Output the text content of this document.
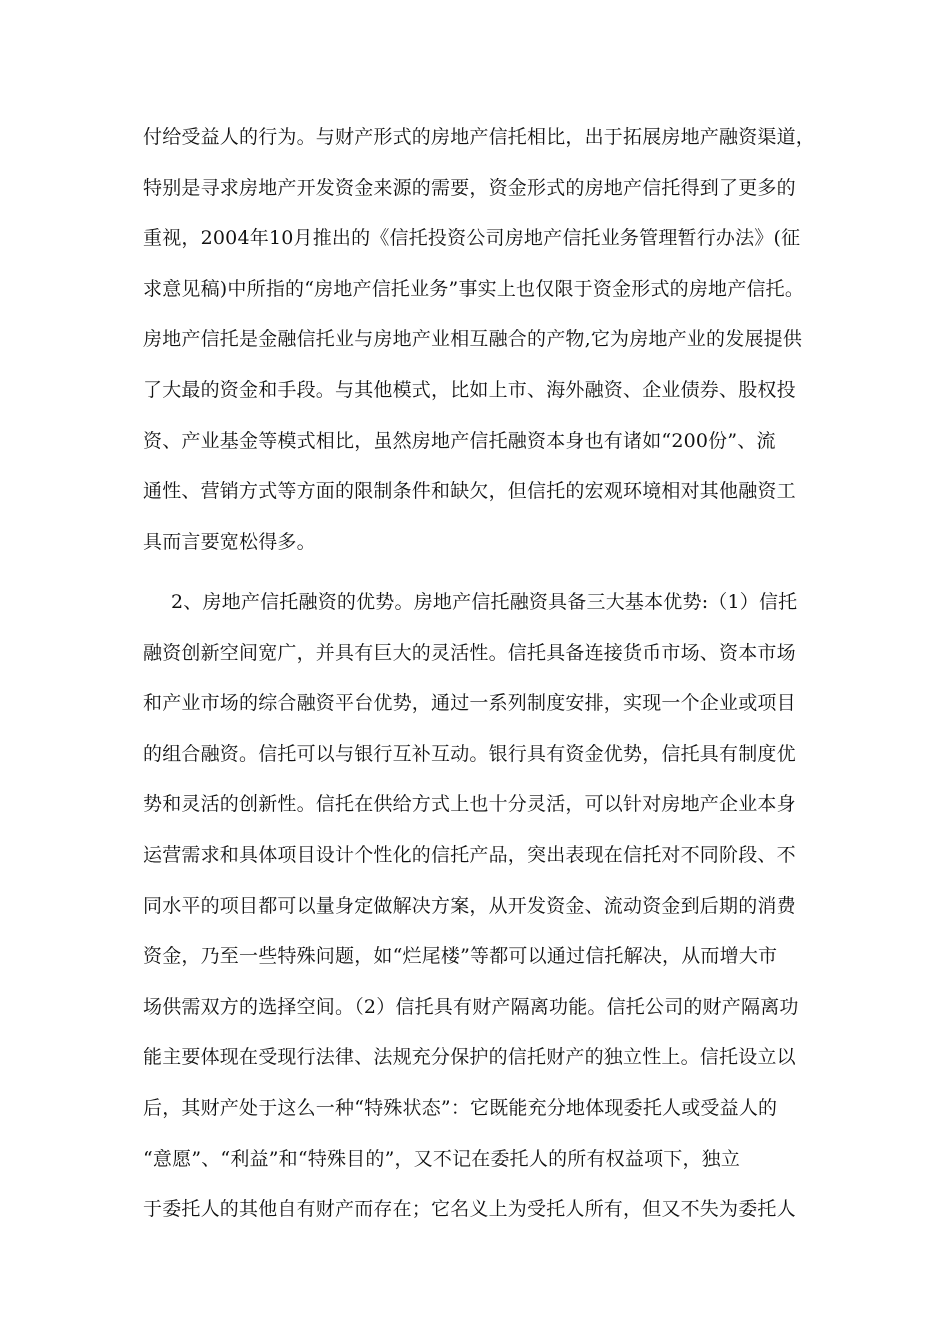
付给受益人的行为。与财产形式的房地产信托相比，出于拓展房地产融资渠道，
特别是寻求房地产开发资金来源的需要，资金形式的房地产信托得到了更多的
重视，2004年10月推出的《信托投资公司房地产信托业务管理暂行办法》(征
求意见稿)中所指的“房地产信托业务”事实上也仅限于资金形式的房地产信托。
房地产信托是金融信托业与房地产业相互融合的产物,它为房地产业的发展提供
了大最的资金和手段。与其他模式，比如上市、海外融资、企业债券、股权投
资、产业基金等模式相比，虽然房地产信托融资本身也有诸如“200份”、流
通性、营销方式等方面的限制条件和缺欠，但信托的宏观环境相对其他融资工
具而言要宽松得多。
2、房地产信托融资的优势。房地产信托融资具备三大基本优势:（1）信托
融资创新空间宽广，并具有巨大的灵活性。信托具备连接货币市场、资本市场
和产业市场的综合融资平台优势，通过一系列制度安排，实现一个企业或项目
的组合融资。信托可以与银行互补互动。银行具有资金优势，信托具有制度优
势和灵活的创新性。信托在供给方式上也十分灵活，可以针对房地产企业本身
运营需求和具体项目设计个性化的信托产品，突出表现在信托对不同阶段、不
同水平的项目都可以量身定做解决方案，从开发资金、流动资金到后期的消费
资金，乃至一些特殊问题，如“烂尾楼”等都可以通过信托解决，从而增大市
场供需双方的选择空间。（2）信托具有财产隔离功能。信托公司的财产隔离功
能主要体现在受现行法律、法规充分保护的信托财产的独立性上。信托设立以
后，其财产处于这么一种“特殊状态”：它既能充分地体现委托人或受益人的
“意愿”、“利益”和“特殊目的”，又不记在委托人的所有权益项下，独立
于委托人的其他自有财产而存在；它名义上为受托人所有，但又不失为委托人
